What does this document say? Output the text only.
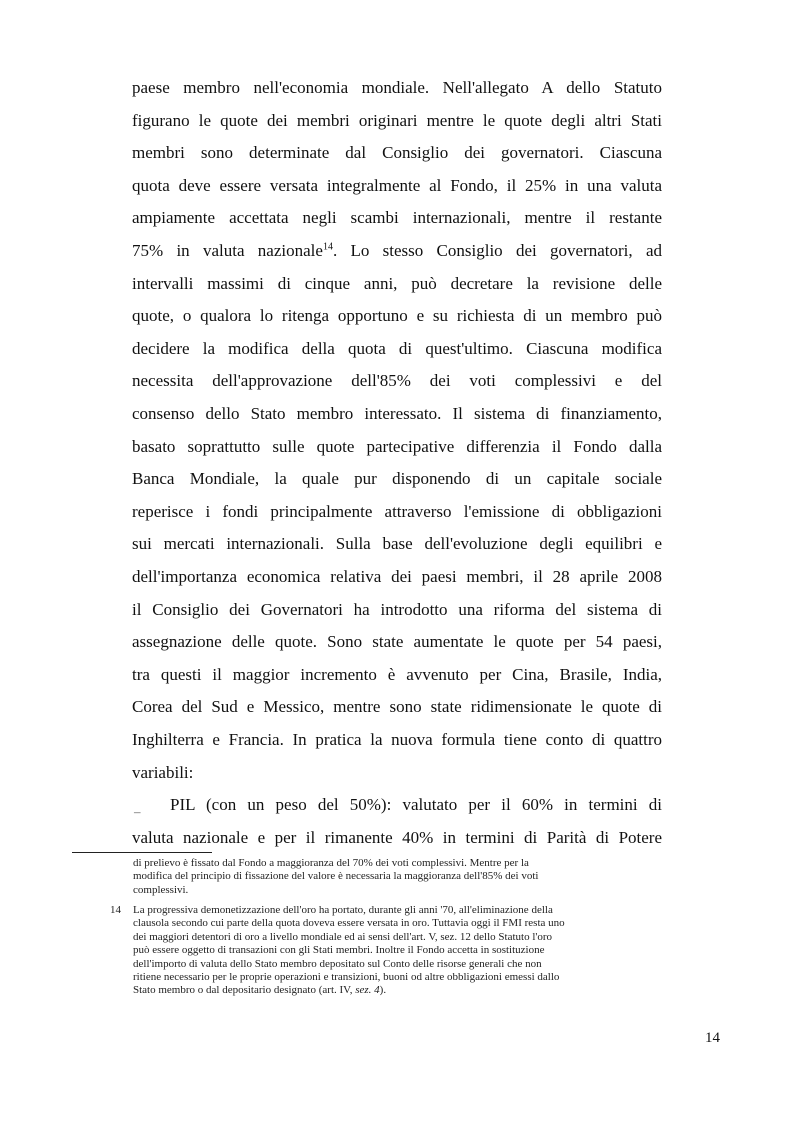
paese membro nell'economia mondiale. Nell'allegato A dello Statuto
figurano le quote dei membri originari mentre le quote degli altri Stati
membri sono determinate dal Consiglio dei governatori. Ciascuna
quota deve essere versata integralmente al Fondo, il 25% in una valuta
ampiamente accettata negli scambi internazionali, mentre il restante
75% in valuta nazionale$^{14}$. Lo stesso Consiglio dei governatori, ad
intervalli massimi di cinque anni, può decretare la revisione delle
quote, o qualora lo ritenga opportuno e su richiesta di un membro può
decidere la modifica della quota di quest'ultimo. Ciascuna modifica
necessita dell'approvazione dell'85% dei voti complessivi e del
consenso dello Stato membro interessato. Il sistema di finanziamento,
basato soprattutto sulle quote partecipative differenzia il Fondo dalla
Banca Mondiale, la quale pur disponendo di un capitale sociale
reperisce i fondi principalmente attraverso l'emissione di obbligazioni
sui mercati internazionali. Sulla base dell'evoluzione degli equilibri e
dell'importanza economica relativa dei paesi membri, il 28 aprile 2008
il Consiglio dei Governatori ha introdotto una riforma del sistema di
assegnazione delle quote. Sono state aumentate le quote per 54 paesi,
tra questi il maggior incremento è avvenuto per Cina, Brasile, India,
Corea del Sud e Messico, mentre sono state ridimensionate le quote di
Inghilterra e Francia. In pratica la nuova formula tiene conto di quattro
variabili:
–	PIL (con un peso del 50%): valutato per il 60% in termini di
valuta nazionale e per il rimanente 40% in termini di Parità di Potere
di prelievo è fissato dal Fondo a maggioranza del 70% dei voti complessivi. Mentre per la
modifica del principio di fissazione del valore è necessaria la maggioranza dell'85% dei voti
complessivi.
14	La progressiva demonetizzazione dell'oro ha portato, durante gli anni '70, all'eliminazione della
clausola secondo cui parte della quota doveva essere versata in oro. Tuttavia oggi il FMI resta uno
dei maggiori detentori di oro a livello mondiale ed ai sensi dell'art. V, sez. 12 dello Statuto l'oro
può essere oggetto di transazioni con gli Stati membri. Inoltre il Fondo accetta in sostituzione
dell'importo di valuta dello Stato membro depositato sul Conto delle risorse generali che non
ritiene necessario per le proprie operazioni e transizioni, buoni od altre obbligazioni emessi dallo
Stato membro o dal depositario designato (art. IV, sez. 4).
14
